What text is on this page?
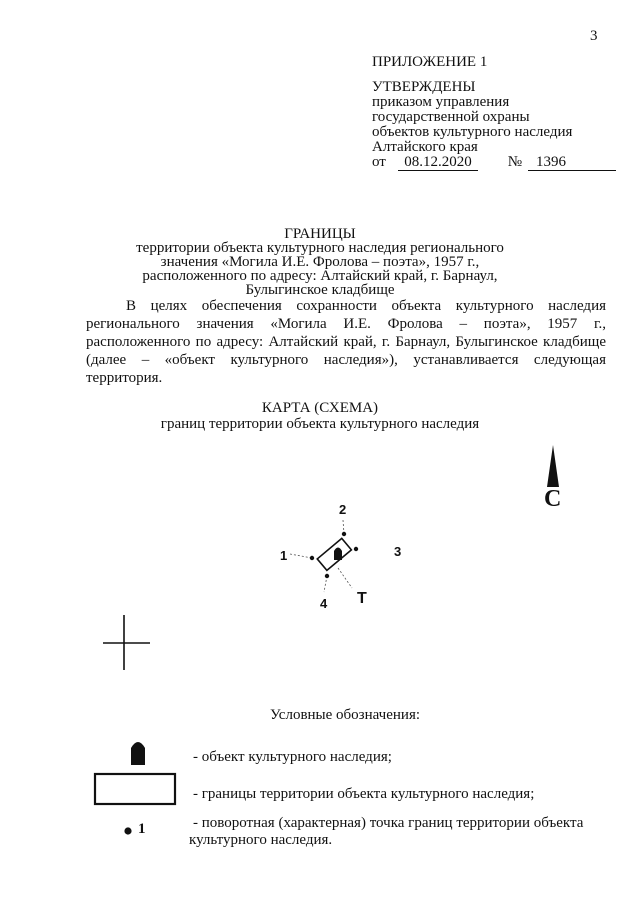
3
ПРИЛОЖЕНИЕ 1
УТВЕРЖДЕНЫ
приказом управления
государственной охраны
объектов культурного наследия
Алтайского края
от 08.12.2020 № 1396
ГРАНИЦЫ
территории объекта культурного наследия регионального
значения «Могила И.Е. Фролова – поэта», 1957 г.,
расположенного по адресу: Алтайский край, г. Барнаул,
Булыгинское кладбище
В целях обеспечения сохранности объекта культурного наследия регионального значения «Могила И.Е. Фролова – поэта», 1957 г., расположенного по адресу: Алтайский край, г. Барнаул, Булыгинское кладбище (далее – «объект культурного наследия»), устанавливается следующая территория.
КАРТА (СХЕМА)
границ территории объекта культурного наследия
С
1
2
3
4 Т
1
Условные обозначения:
- объект культурного наследия;
- границы территории объекта культурного наследия;
- поворотная (характерная) точка границ территории объекта
культурного наследия.
